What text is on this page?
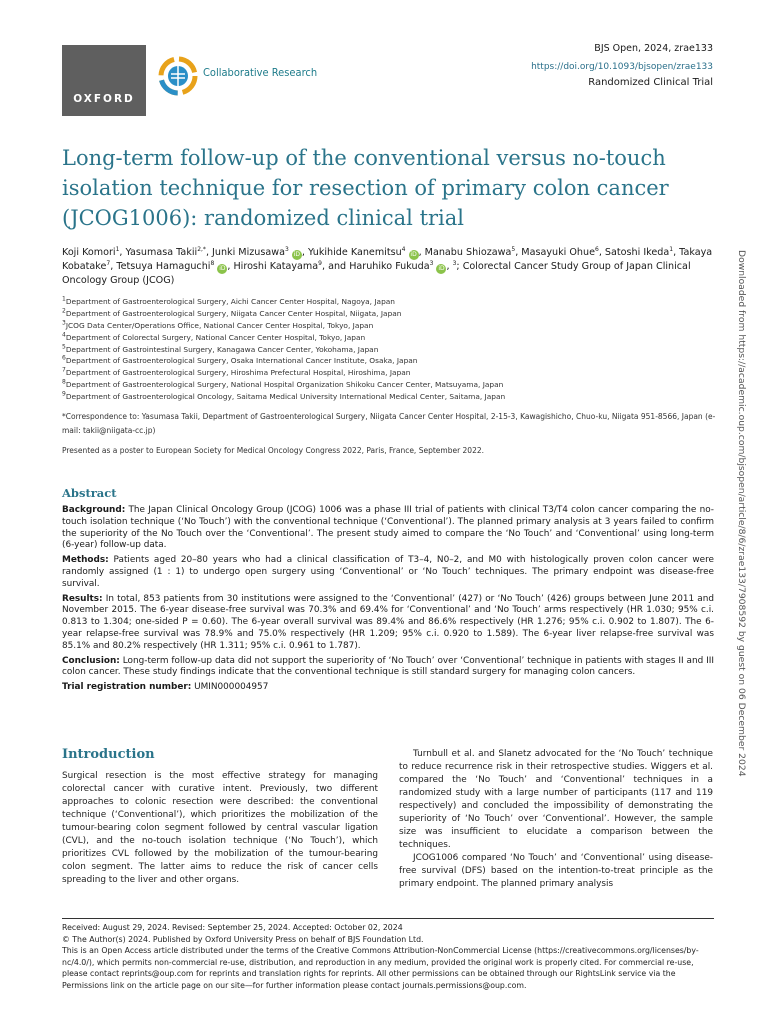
OXFORD
Collaborative Research
BJS Open, 2024, zrae133
https://doi.org/10.1093/bjsopen/zrae133
Randomized Clinical Trial
Long-term follow-up of the conventional versus no-touch isolation technique for resection of primary colon cancer (JCOG1006): randomized clinical trial
Koji Komori$^1$, Yasumasa Takii$^{2,*}$, Junki Mizusawa$^3$ iD , Yukihide Kanemitsu$^4$ iD , Manabu Shiozawa$^5$, Masayuki Ohue$^6$, Satoshi Ikeda$^1$, Takaya Kobatake$^7$, Tetsuya Hamaguchi$^8$ iD , Hiroshi Katayama$^9$, and Haruhiko Fukuda$^3$ iD , $^3$; Colorectal Cancer Study Group of Japan Clinical Oncology Group (JCOG)
$^1$Department of Gastroenterological Surgery, Aichi Cancer Center Hospital, Nagoya, Japan
$^2$Department of Gastroenterological Surgery, Niigata Cancer Center Hospital, Niigata, Japan
$^3$JCOG Data Center/Operations Office, National Cancer Center Hospital, Tokyo, Japan
$^4$Department of Colorectal Surgery, National Cancer Center Hospital, Tokyo, Japan
$^5$Department of Gastrointestinal Surgery, Kanagawa Cancer Center, Yokohama, Japan
$^6$Department of Gastroenterological Surgery, Osaka International Cancer Institute, Osaka, Japan
$^7$Department of Gastroenterological Surgery, Hiroshima Prefectural Hospital, Hiroshima, Japan
$^8$Department of Gastroenterological Surgery, National Hospital Organization Shikoku Cancer Center, Matsuyama, Japan
$^9$Department of Gastroenterological Oncology, Saitama Medical University International Medical Center, Saitama, Japan
*Correspondence to: Yasumasa Takii, Department of Gastroenterological Surgery, Niigata Cancer Center Hospital, 2-15-3, Kawagishicho, Chuo-ku, Niigata 951-8566, Japan (e-mail: takii@niigata-cc.jp)
Presented as a poster to European Society for Medical Oncology Congress 2022, Paris, France, September 2022.
Abstract

Background: The Japan Clinical Oncology Group (JCOG) 1006 was a phase III trial of patients with clinical T3/T4 colon cancer comparing the no-touch isolation technique (‘No Touch’) with the conventional technique (‘Conventional’). The planned primary analysis at 3 years failed to confirm the superiority of the No Touch over the ‘Conventional’. The present study aimed to compare the ‘No Touch’ and ‘Conventional’ using long-term (6-year) follow-up data.

Methods: Patients aged 20–80 years who had a clinical classification of T3–4, N0–2, and M0 with histologically proven colon cancer were randomly assigned (1 : 1) to undergo open surgery using ‘Conventional’ or ‘No Touch’ techniques. The primary endpoint was disease-free survival.

Results: In total, 853 patients from 30 institutions were assigned to the ‘Conventional’ (427) or ‘No Touch’ (426) groups between June 2011 and November 2015. The 6-year disease-free survival was 70.3% and 69.4% for ‘Conventional’ and ‘No Touch’ arms respectively (HR 1.030; 95% c.i. 0.813 to 1.304; one-sided P = 0.60). The 6-year overall survival was 89.4% and 86.6% respectively (HR 1.276; 95% c.i. 0.902 to 1.807). The 6-year relapse-free survival was 78.9% and 75.0% respectively (HR 1.209; 95% c.i. 0.920 to 1.589). The 6-year liver relapse-free survival was 85.1% and 80.2% respectively (HR 1.311; 95% c.i. 0.961 to 1.787).

Conclusion: Long-term follow-up data did not support the superiority of ‘No Touch’ over ‘Conventional’ technique in patients with stages II and III colon cancer. These study findings indicate that the conventional technique is still standard surgery for managing colon cancers.

Trial registration number: UMIN000004957

Introduction

Surgical resection is the most effective strategy for managing colorectal cancer with curative intent. Previously, two different approaches to colonic resection were described: the conventional technique (‘Conventional’), which prioritizes the mobilization of the tumour-bearing colon segment followed by central vascular ligation (CVL), and the no-touch isolation technique (‘No Touch’), which prioritizes CVL followed by the mobilization of the tumour-bearing colon segment. The latter aims to reduce the risk of cancer cells spreading to the liver and other organs.

Turnbull et al. and Slanetz advocated for the ‘No Touch’ technique to reduce recurrence risk in their retrospective studies. Wiggers et al. compared the ‘No Touch’ and ‘Conventional’ techniques in a randomized study with a large number of participants (117 and 119 respectively) and concluded the impossibility of demonstrating the superiority of ‘No Touch’ over ‘Conventional’. However, the sample size was insufficient to elucidate a comparison between the techniques.

JCOG1006 compared ‘No Touch’ and ‘Conventional’ using disease-free survival (DFS) based on the intention-to-treat principle as the primary endpoint. The planned primary analysis

Received: August 29, 2024. Revised: September 25, 2024. Accepted: October 02, 2024

© The Author(s) 2024. Published by Oxford University Press on behalf of BJS Foundation Ltd.

This is an Open Access article distributed under the terms of the Creative Commons Attribution-NonCommercial License (https://creativecommons.org/licenses/by-nc/4.0/), which permits non-commercial re-use, distribution, and reproduction in any medium, provided the original work is properly cited. For commercial re-use, please contact reprints@oup.com for reprints and translation rights for reprints. All other permissions can be obtained through our RightsLink service via the Permissions link on the article page on our site—for further information please contact journals.permissions@oup.com.

Downloaded from https://academic.oup.com/bjsopen/article/8/6/zrae133/7908592 by guest on 06 December 2024
